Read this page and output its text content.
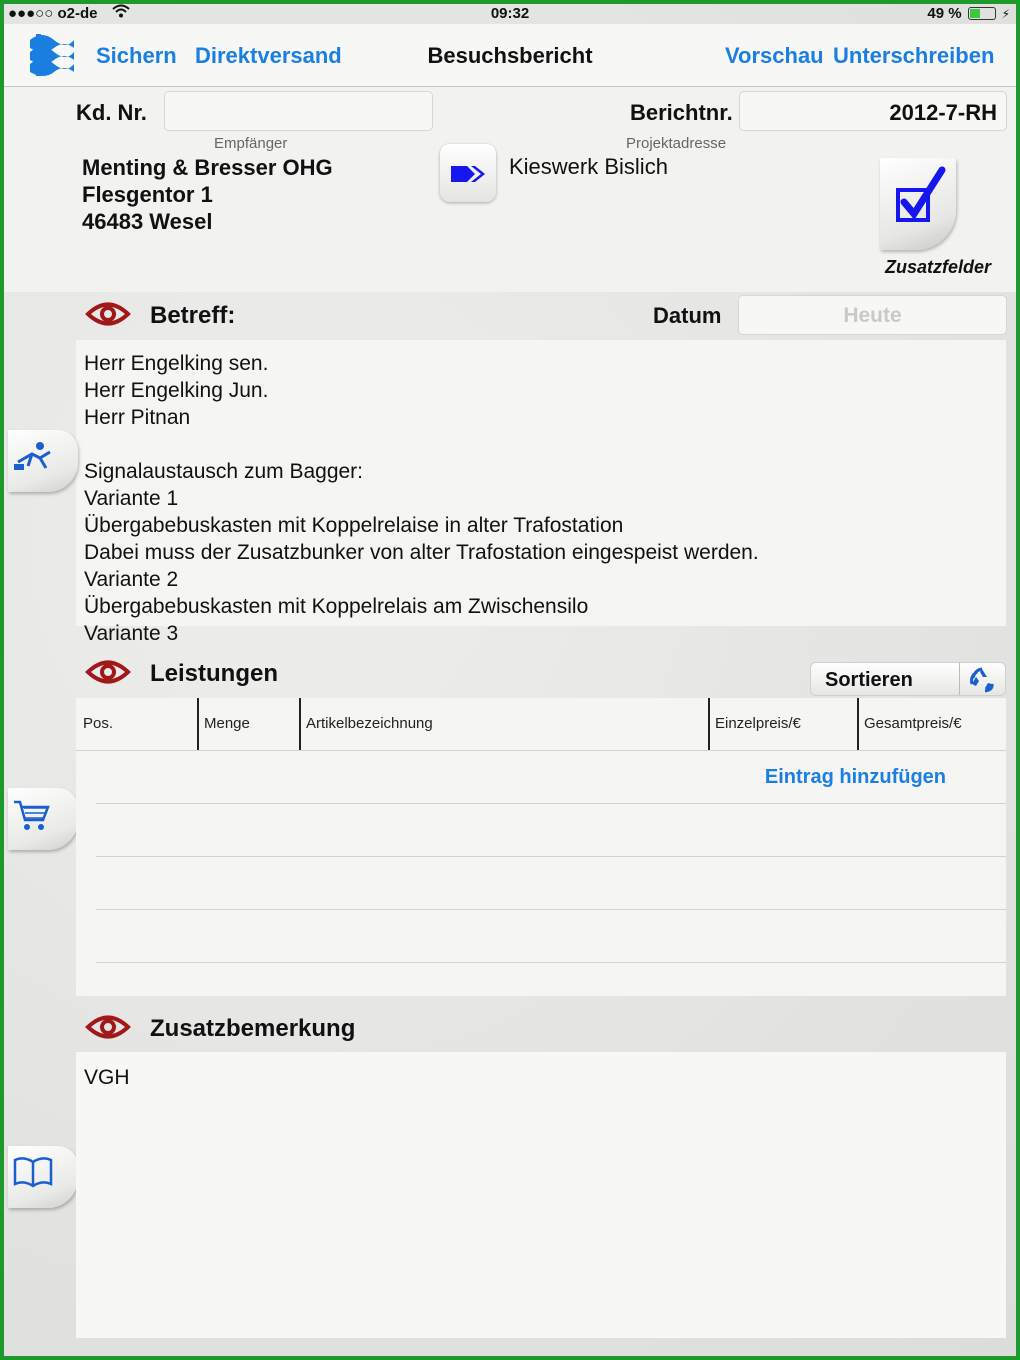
●●●○○ o2-de	09:32	49 %	⚡
Sichern Direktversand	Besuchsbericht	Vorschau Unterschreiben
Kd. Nr.	Berichtnr.	2012-7-RH
Empfänger
Menting & Bresser OHG
Flesgentor 1
46483 Wesel
Projektadresse
Kieswerk Bislich
Zusatzfelder
Betreff:	Datum	Heute
Herr Engelking sen.
Herr Engelking Jun.
Herr Pitnan
Signalaustausch zum Bagger:
Variante 1
Übergabebuskasten mit Koppelrelaise in alter Trafostation
Dabei muss der Zusatzbunker von alter Trafostation eingespeist werden.
Variante 2
Übergabebuskasten mit Koppelrelais am Zwischensilo
Variante 3
Leistungen	Sortieren
Pos.	Menge	Artikelbezeichnung	Einzelpreis/€	Gesamtpreis/€
Eintrag hinzufügen
Zusatzbemerkung
VGH
